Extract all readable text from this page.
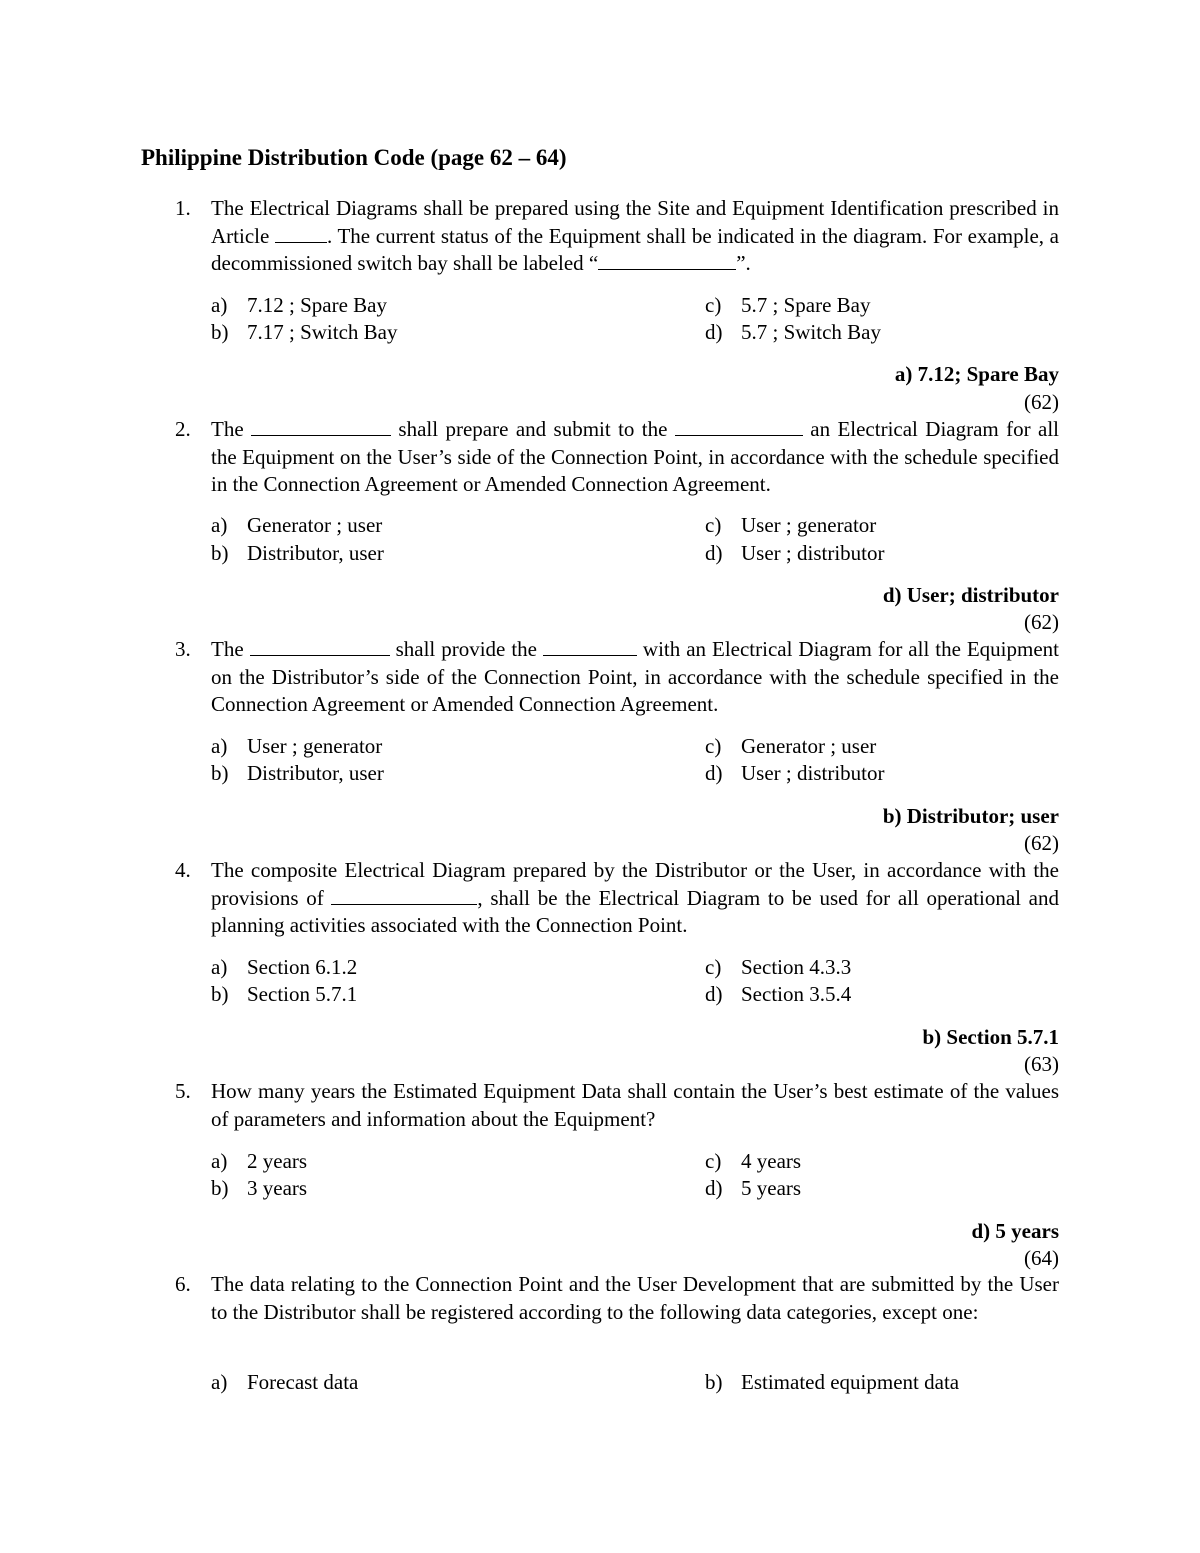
Philippine Distribution Code (page 62 – 64)
1. The Electrical Diagrams shall be prepared using the Site and Equipment Identification prescribed in Article . The current status of the Equipment shall be indicated in the diagram. For example, a decommissioned switch bay shall be labeled “	”.
a) 7.12 ; Spare Bay	c) 5.7 ; Spare Bay
b) 7.17 ; Switch Bay	d) 5.7 ; Switch Bay
a) 7.12; Spare Bay
(62)
2. The	shall prepare and submit to the	an Electrical Diagram for all the Equipment on the User’s side of the Connection Point, in accordance with the schedule specified in the Connection Agreement or Amended Connection Agreement.
a) Generator ; user	c) User ; generator
b) Distributor, user	d) User ; distributor
d) User; distributor
(62)
3. The	shall provide the	with an Electrical Diagram for all the Equipment on the Distributor’s side of the Connection Point, in accordance with the schedule specified in the Connection Agreement or Amended Connection Agreement.
a) User ; generator	c) Generator ; user
b) Distributor, user	d) User ; distributor
b) Distributor; user
(62)
4. The composite Electrical Diagram prepared by the Distributor or the User, in accordance with the provisions of	, shall be the Electrical Diagram to be used for all operational and planning activities associated with the Connection Point.
a) Section 6.1.2	c) Section 4.3.3
b) Section 5.7.1	d) Section 3.5.4
b) Section 5.7.1
(63)
5. How many years the Estimated Equipment Data shall contain the User’s best estimate of the values of parameters and information about the Equipment?
a) 2 years	c) 4 years
b) 3 years	d) 5 years
d) 5 years
(64)
6. The data relating to the Connection Point and the User Development that are submitted by the User to the Distributor shall be registered according to the following data categories, except one:
a) Forecast data	b) Estimated equipment data
